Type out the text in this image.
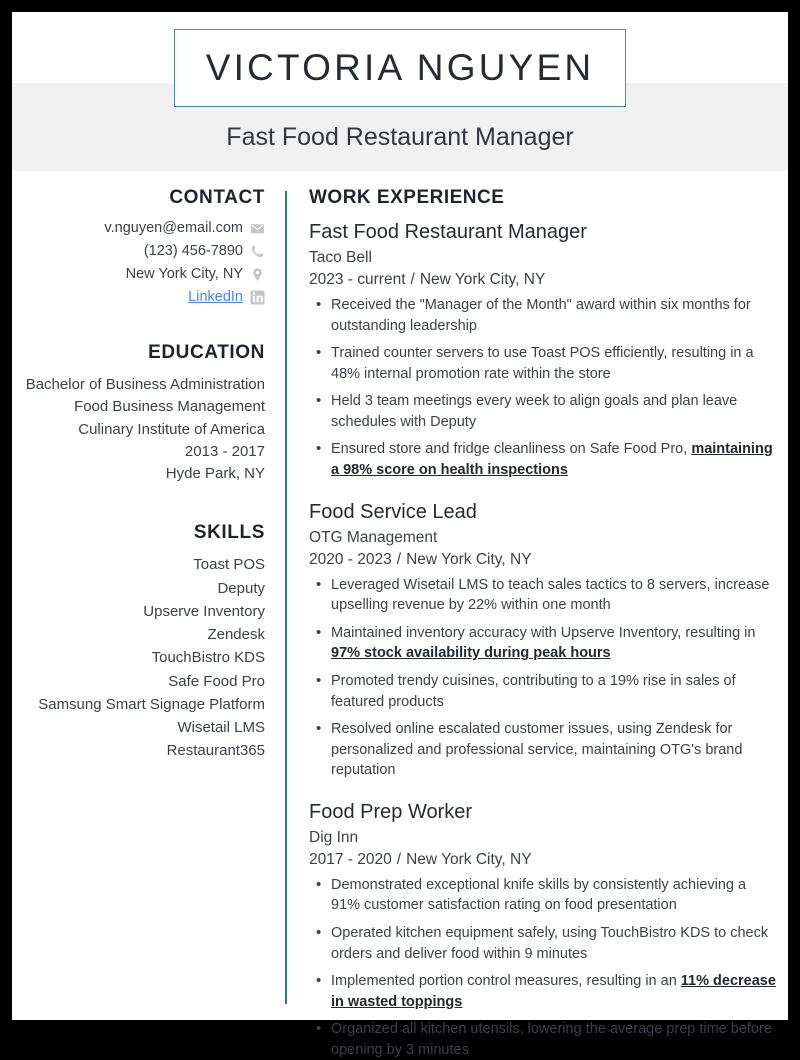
VICTORIA NGUYEN
Fast Food Restaurant Manager
CONTACT
v.nguyen@email.com
(123) 456-7890
New York City, NY
LinkedIn
EDUCATION
Bachelor of Business Administration
Food Business Management
Culinary Institute of America
2013 - 2017
Hyde Park, NY
SKILLS
Toast POS
Deputy
Upserve Inventory
Zendesk
TouchBistro KDS
Safe Food Pro
Samsung Smart Signage Platform
Wisetail LMS
Restaurant365
WORK EXPERIENCE
Fast Food Restaurant Manager
Taco Bell
2023 - current / New York City, NY
• Received the "Manager of the Month" award within six months for outstanding leadership
• Trained counter servers to use Toast POS efficiently, resulting in a 48% internal promotion rate within the store
• Held 3 team meetings every week to align goals and plan leave schedules with Deputy
• Ensured store and fridge cleanliness on Safe Food Pro, maintaining a 98% score on health inspections
Food Service Lead
OTG Management
2020 - 2023 / New York City, NY
• Leveraged Wisetail LMS to teach sales tactics to 8 servers, increase upselling revenue by 22% within one month
• Maintained inventory accuracy with Upserve Inventory, resulting in 97% stock availability during peak hours
• Promoted trendy cuisines, contributing to a 19% rise in sales of featured products
• Resolved online escalated customer issues, using Zendesk for personalized and professional service, maintaining OTG's brand reputation
Food Prep Worker
Dig Inn
2017 - 2020 / New York City, NY
• Demonstrated exceptional knife skills by consistently achieving a 91% customer satisfaction rating on food presentation
• Operated kitchen equipment safely, using TouchBistro KDS to check orders and deliver food within 9 minutes
• Implemented portion control measures, resulting in an 11% decrease in wasted toppings
• Organized all kitchen utensils, lowering the average prep time before opening by 3 minutes
